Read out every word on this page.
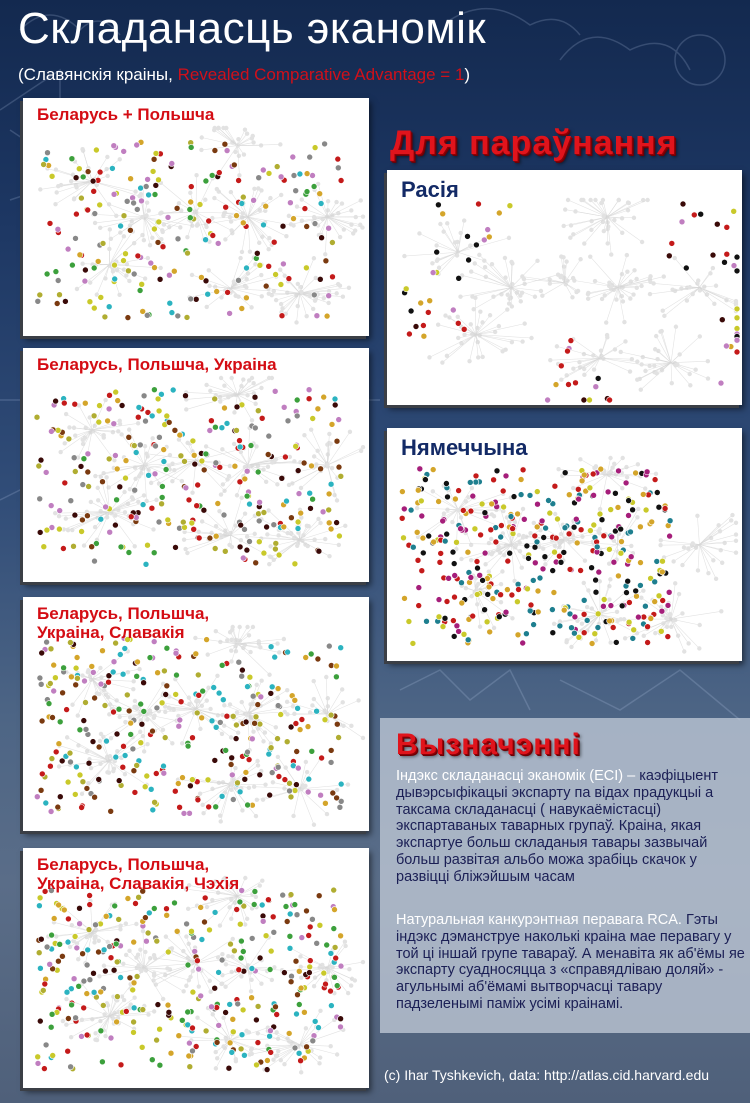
Складанасць эканомік
(Славянскія краіны, Revealed Comparative Advantage = 1)
Беларусь + Польшча
Беларусь, Польшча, Украіна
Беларусь, Польшча,
Украіна, Славакія
Беларусь, Польшча,
Украіна, Славакія, Чэхія
Для параўнання
Расія
Нямеччына
Вызначэнні

Індэкс складанасці эканомік (ECI) – каэфіцыент дывэрсыфікацыі экспарту па відах прадукцыі а таксама складанасці ( навукаёмістасці) экспартаваных таварных групаў. Краіна, якая экспартуе больш складаныя тавары зазвычай больш развітая альбо можа зрабіць скачок у развіцці бліжэйшым часам

Натуральная канкурэнтная перавага RCA. Гэты індэкс дэманструе наколькі краіна мае перавагу у той ці іншай групе тавараў. А менавіта як аб'ёмы яе экспарту суадносяцца з «справядліваю доляй» - агульнымі аб'ёмамі вытворчасці тавару падзеленымі паміж усімі краінамі.

(c) Ihar Tyshkevich, data: http://atlas.cid.harvard.edu
